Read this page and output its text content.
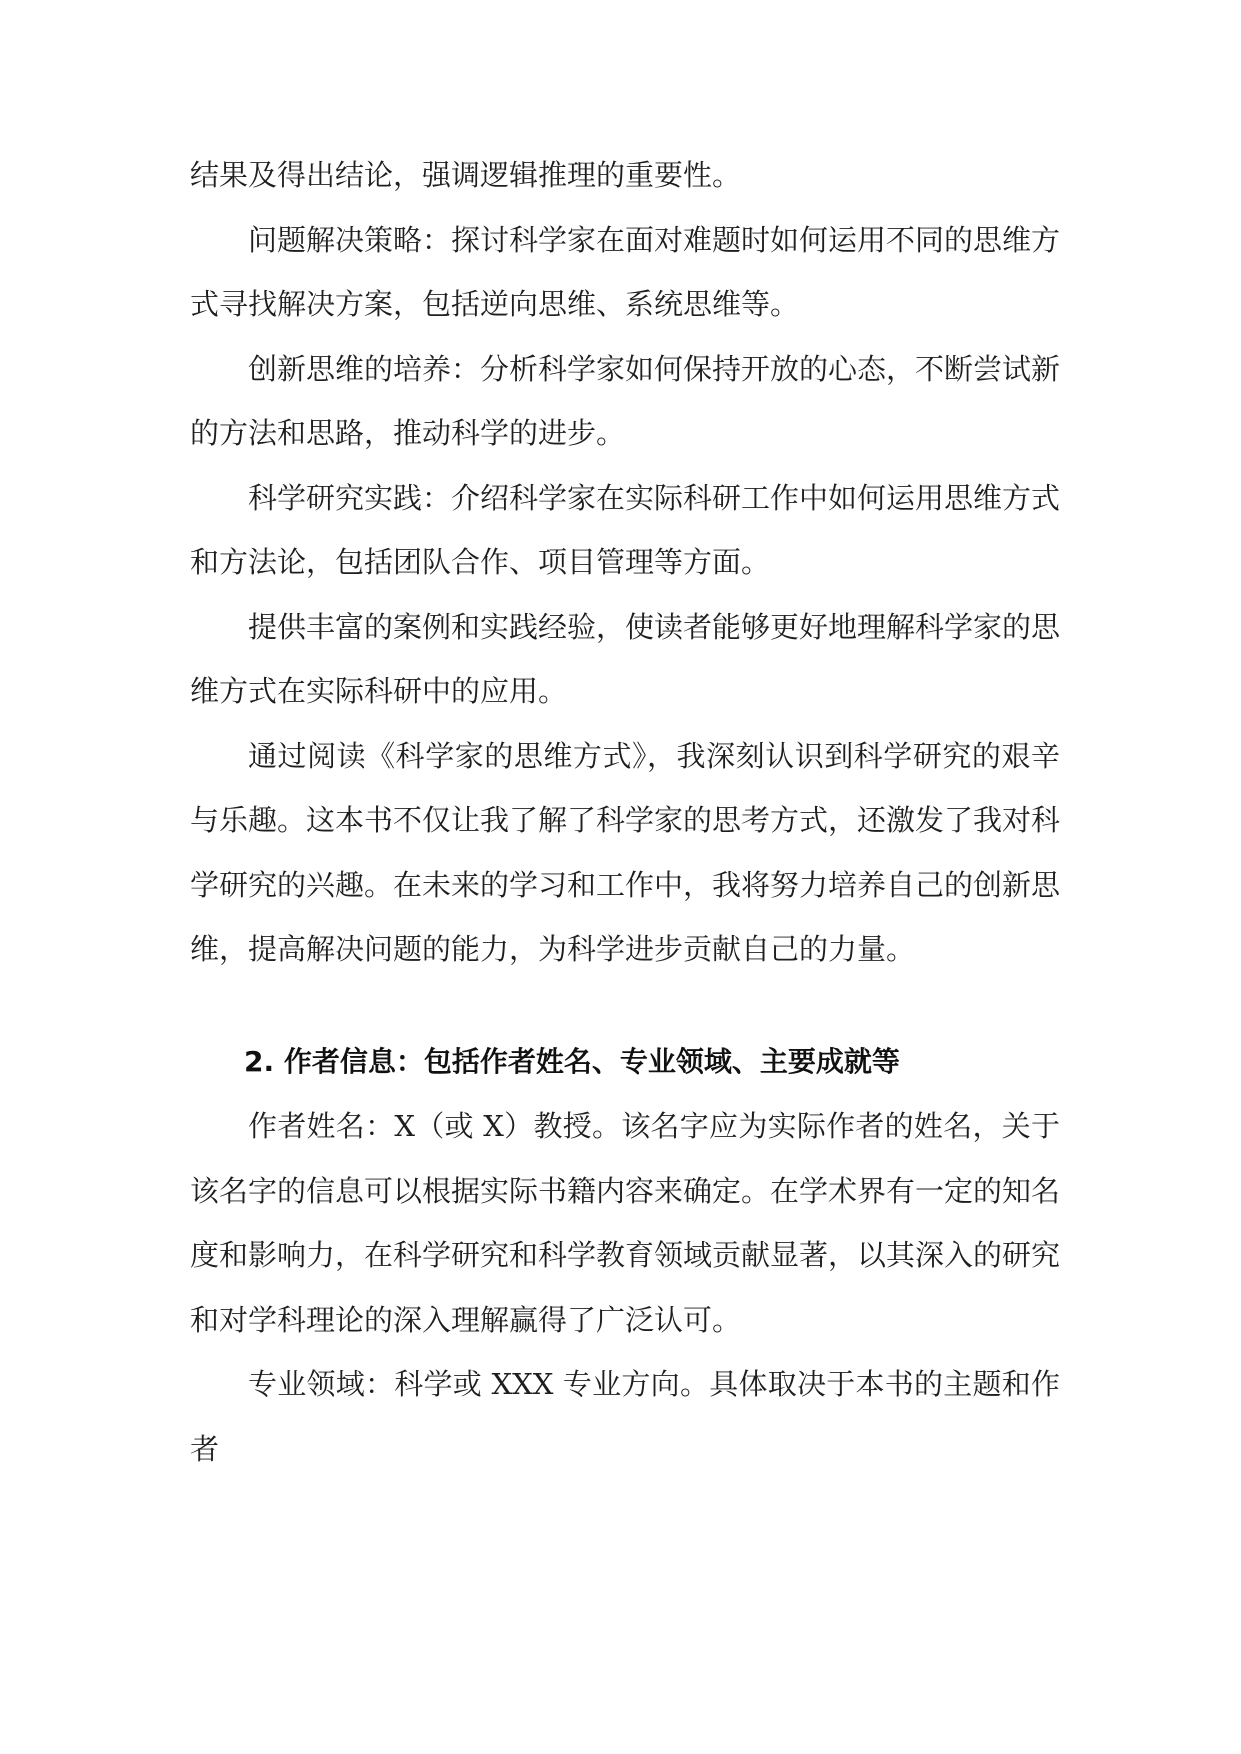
结果及得出结论，强调逻辑推理的重要性。

问题解决策略：探讨科学家在面对难题时如何运用不同的思维方式寻找解决方案，包括逆向思维、系统思维等。

创新思维的培养：分析科学家如何保持开放的心态，不断尝试新的方法和思路，推动科学的进步。

科学研究实践：介绍科学家在实际科研工作中如何运用思维方式和方法论，包括团队合作、项目管理等方面。

提供丰富的案例和实践经验，使读者能够更好地理解科学家的思维方式在实际科研中的应用。

通过阅读《科学家的思维方式》，我深刻认识到科学研究的艰辛与乐趣。这本书不仅让我了解了科学家的思考方式，还激发了我对科学研究的兴趣。在未来的学习和工作中，我将努力培养自己的创新思维，提高解决问题的能力，为科学进步贡献自己的力量。

2. 作者信息：包括作者姓名、专业领域、主要成就等

作者姓名：X（或 X）教授。该名字应为实际作者的姓名，关于该名字的信息可以根据实际书籍内容来确定。在学术界有一定的知名度和影响力，在科学研究和科学教育领域贡献显著，以其深入的研究和对学科理论的深入理解赢得了广泛认可。

专业领域：科学或 XXX 专业方向。具体取决于本书的主题和作者
